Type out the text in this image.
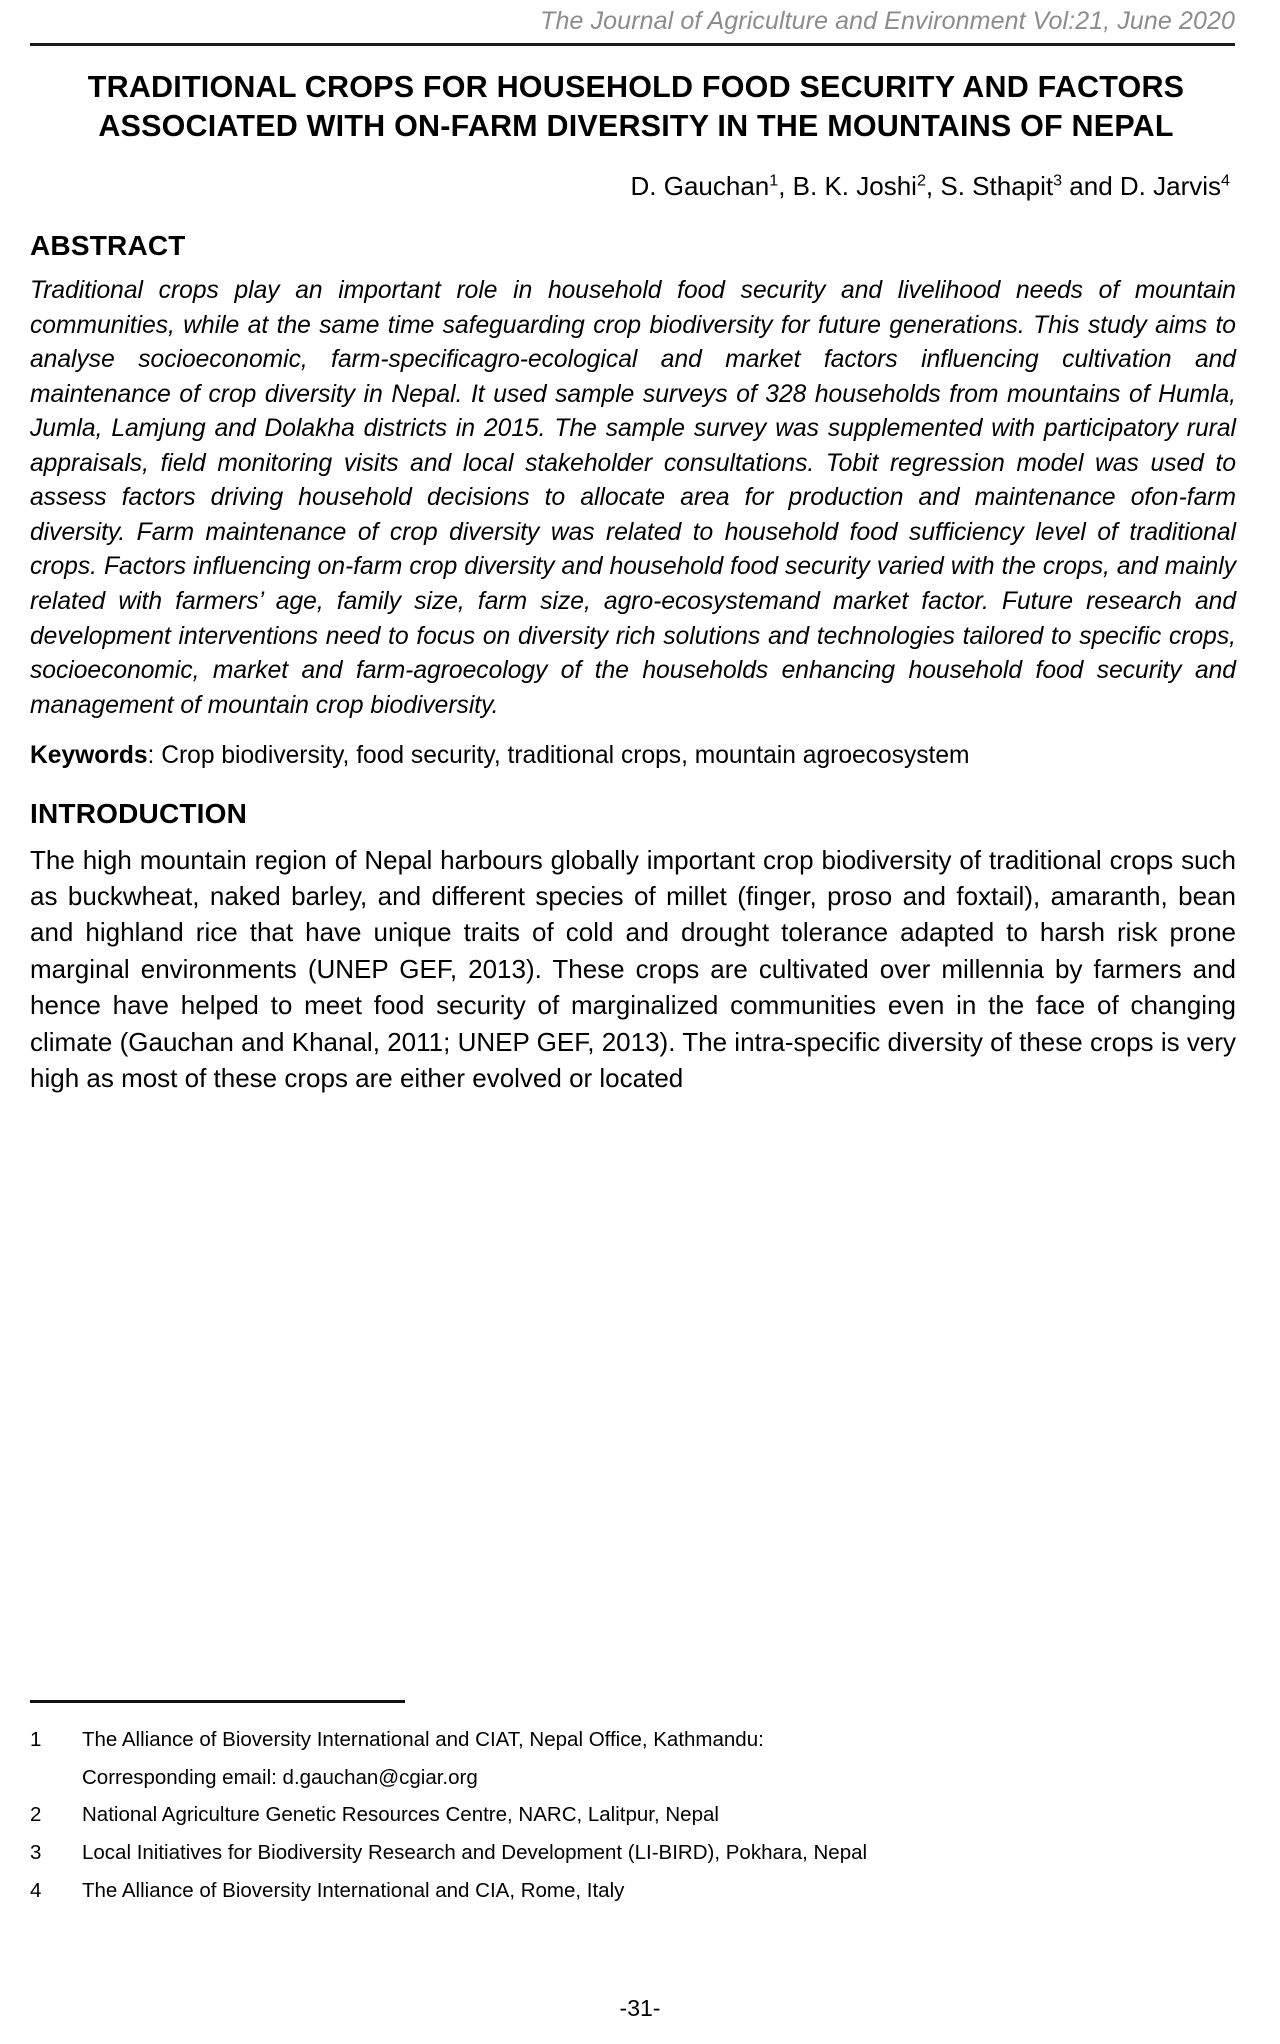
The Journal of Agriculture and Environment Vol:21, June 2020
TRADITIONAL CROPS FOR HOUSEHOLD FOOD SECURITY AND FACTORS ASSOCIATED WITH ON-FARM DIVERSITY IN THE MOUNTAINS OF NEPAL
D. Gauchan$^1$, B. K. Joshi$^2$, S. Sthapit$^3$ and D. Jarvis$^4$
ABSTRACT

Traditional crops play an important role in household food security and livelihood needs of mountain communities, while at the same time safeguarding crop biodiversity for future generations. This study aims to analyse socioeconomic, farm-specificagro-ecological and market factors influencing cultivation and maintenance of crop diversity in Nepal. It used sample surveys of 328 households from mountains of Humla, Jumla, Lamjung and Dolakha districts in 2015. The sample survey was supplemented with participatory rural appraisals, field monitoring visits and local stakeholder consultations. Tobit regression model was used to assess factors driving household decisions to allocate area for production and maintenance ofon-farm diversity. Farm maintenance of crop diversity was related to household food sufficiency level of traditional crops. Factors influencing on-farm crop diversity and household food security varied with the crops, and mainly related with farmers’ age, family size, farm size, agro-ecosystemand market factor. Future research and development interventions need to focus on diversity rich solutions and technologies tailored to specific crops, socioeconomic, market and farm-agroecology of the households enhancing household food security and management of mountain crop biodiversity.

Keywords: Crop biodiversity, food security, traditional crops, mountain agroecosystem
INTRODUCTION

The high mountain region of Nepal harbours globally important crop biodiversity of traditional crops such as buckwheat, naked barley, and different species of millet (finger, proso and foxtail), amaranth, bean and highland rice that have unique traits of cold and drought tolerance adapted to harsh risk prone marginal environments (UNEP GEF, 2013). These crops are cultivated over millennia by farmers and hence have helped to meet food security of marginalized communities even in the face of changing climate (Gauchan and Khanal, 2011; UNEP GEF, 2013). The intra-specific diversity of these crops is very high as most of these crops are either evolved or located

1	The Alliance of Bioversity International and CIAT, Nepal Office, Kathmandu:
Corresponding email: d.gauchan@cgiar.org
2	National Agriculture Genetic Resources Centre, NARC, Lalitpur, Nepal
3	Local Initiatives for Biodiversity Research and Development (LI-BIRD), Pokhara, Nepal
4	The Alliance of Bioversity International and CIA, Rome, Italy
-31-
